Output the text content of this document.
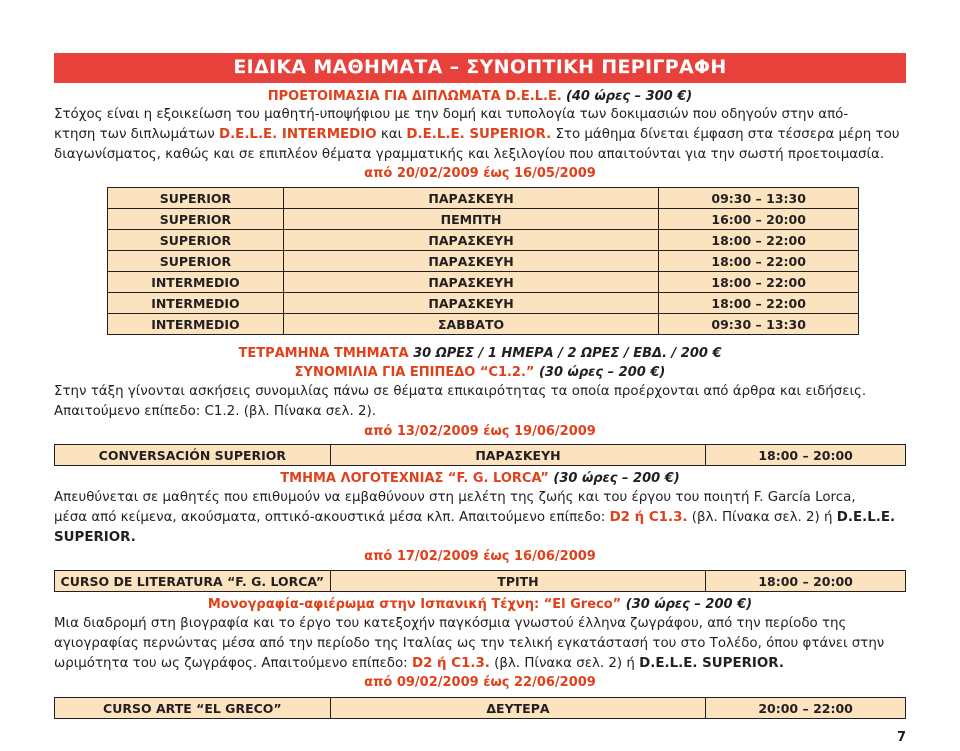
ΕΙΔΙΚΑ ΜΑΘΗΜΑΤΑ – ΣΥΝΟΠΤΙΚΗ ΠΕΡΙΓΡΑΦΗ
ΠΡΟΕΤΟΙΜΑΣΙΑ ΓΙΑ ΔΙΠΛΩΜΑΤΑ D.E.L.E. (40 ώρες – 300 €)
Στόχος είναι η εξοικείωση του μαθητή-υποψήφιου με την δομή και τυπολογία των δοκιμασιών που οδηγούν στην από-
κτηση των διπλωμάτων D.E.L.E. INTERMEDIO και D.E.L.E. SUPERIOR. Στο μάθημα δίνεται έμφαση στα τέσσερα μέρη του
διαγωνίσματος, καθώς και σε επιπλέον θέματα γραμματικής και λεξιλογίου που απαιτούνται για την σωστή προετοιμασία.
από 20/02/2009 έως 16/05/2009
SUPERIOR	ΠΑΡΑΣΚΕΥΗ	09:30 – 13:30
SUPERIOR	ΠΕΜΠΤΗ	16:00 – 20:00
SUPERIOR	ΠΑΡΑΣΚΕΥΗ	18:00 – 22:00
SUPERIOR	ΠΑΡΑΣΚΕΥΗ	18:00 – 22:00
INTERMEDIO	ΠΑΡΑΣΚΕΥΗ	18:00 – 22:00
INTERMEDIO	ΠΑΡΑΣΚΕΥΗ	18:00 – 22:00
INTERMEDIO	ΣΑΒΒΑΤΟ	09:30 – 13:30
ΤΕΤΡΑΜΗΝΑ ΤΜΗΜΑΤΑ 30 ΩΡΕΣ / 1 ΗΜΕΡΑ / 2 ΩΡΕΣ / ΕΒΔ. / 200 €
ΣΥΝΟΜΙΛΙΑ ΓΙΑ ΕΠΙΠΕΔΟ “C1.2.” (30 ώρες – 200 €)
Στην τάξη γίνονται ασκήσεις συνομιλίας πάνω σε θέματα επικαιρότητας τα οποία προέρχονται από άρθρα και ειδήσεις.
Απαιτούμενο επίπεδο: C1.2. (βλ. Πίνακα σελ. 2).
από 13/02/2009 έως 19/06/2009
CONVERSACIÓN SUPERIOR	ΠΑΡΑΣΚΕΥΗ	18:00 – 20:00
ΤΜΗΜΑ ΛΟΓΟΤΕΧΝΙΑΣ “F. G. LORCA” (30 ώρες – 200 €)
Απευθύνεται σε μαθητές που επιθυμούν να εμβαθύνουν στη μελέτη της ζωής και του έργου του ποιητή F. García Lorca,
μέσα από κείμενα, ακούσματα, οπτικό-ακουστικά μέσα κλπ. Απαιτούμενο επίπεδο: D2 ή C1.3. (βλ. Πίνακα σελ. 2) ή D.E.L.E.
SUPERIOR.
από 17/02/2009 έως 16/06/2009
CURSO DE LITERATURA “F. G. LORCA”	ΤΡΙΤΗ	18:00 – 20:00
Μονογραφία-αφιέρωμα στην Ισπανική Τέχνη: “El Greco” (30 ώρες – 200 €)
Μια διαδρομή στη βιογραφία και το έργο του κατεξοχήν παγκόσμια γνωστού έλληνα ζωγράφου, από την περίοδο της
αγιογραφίας περνώντας μέσα από την περίοδο της Ιταλίας ως την τελική εγκατάστασή του στο Τολέδο, όπου φτάνει στην
ωριμότητα του ως ζωγράφος. Απαιτούμενο επίπεδο: D2 ή C1.3. (βλ. Πίνακα σελ. 2) ή D.E.L.E. SUPERIOR.
από 09/02/2009 έως 22/06/2009
CURSO ARTE “EL GRECO”	ΔΕΥΤΕΡΑ	20:00 – 22:00
7
